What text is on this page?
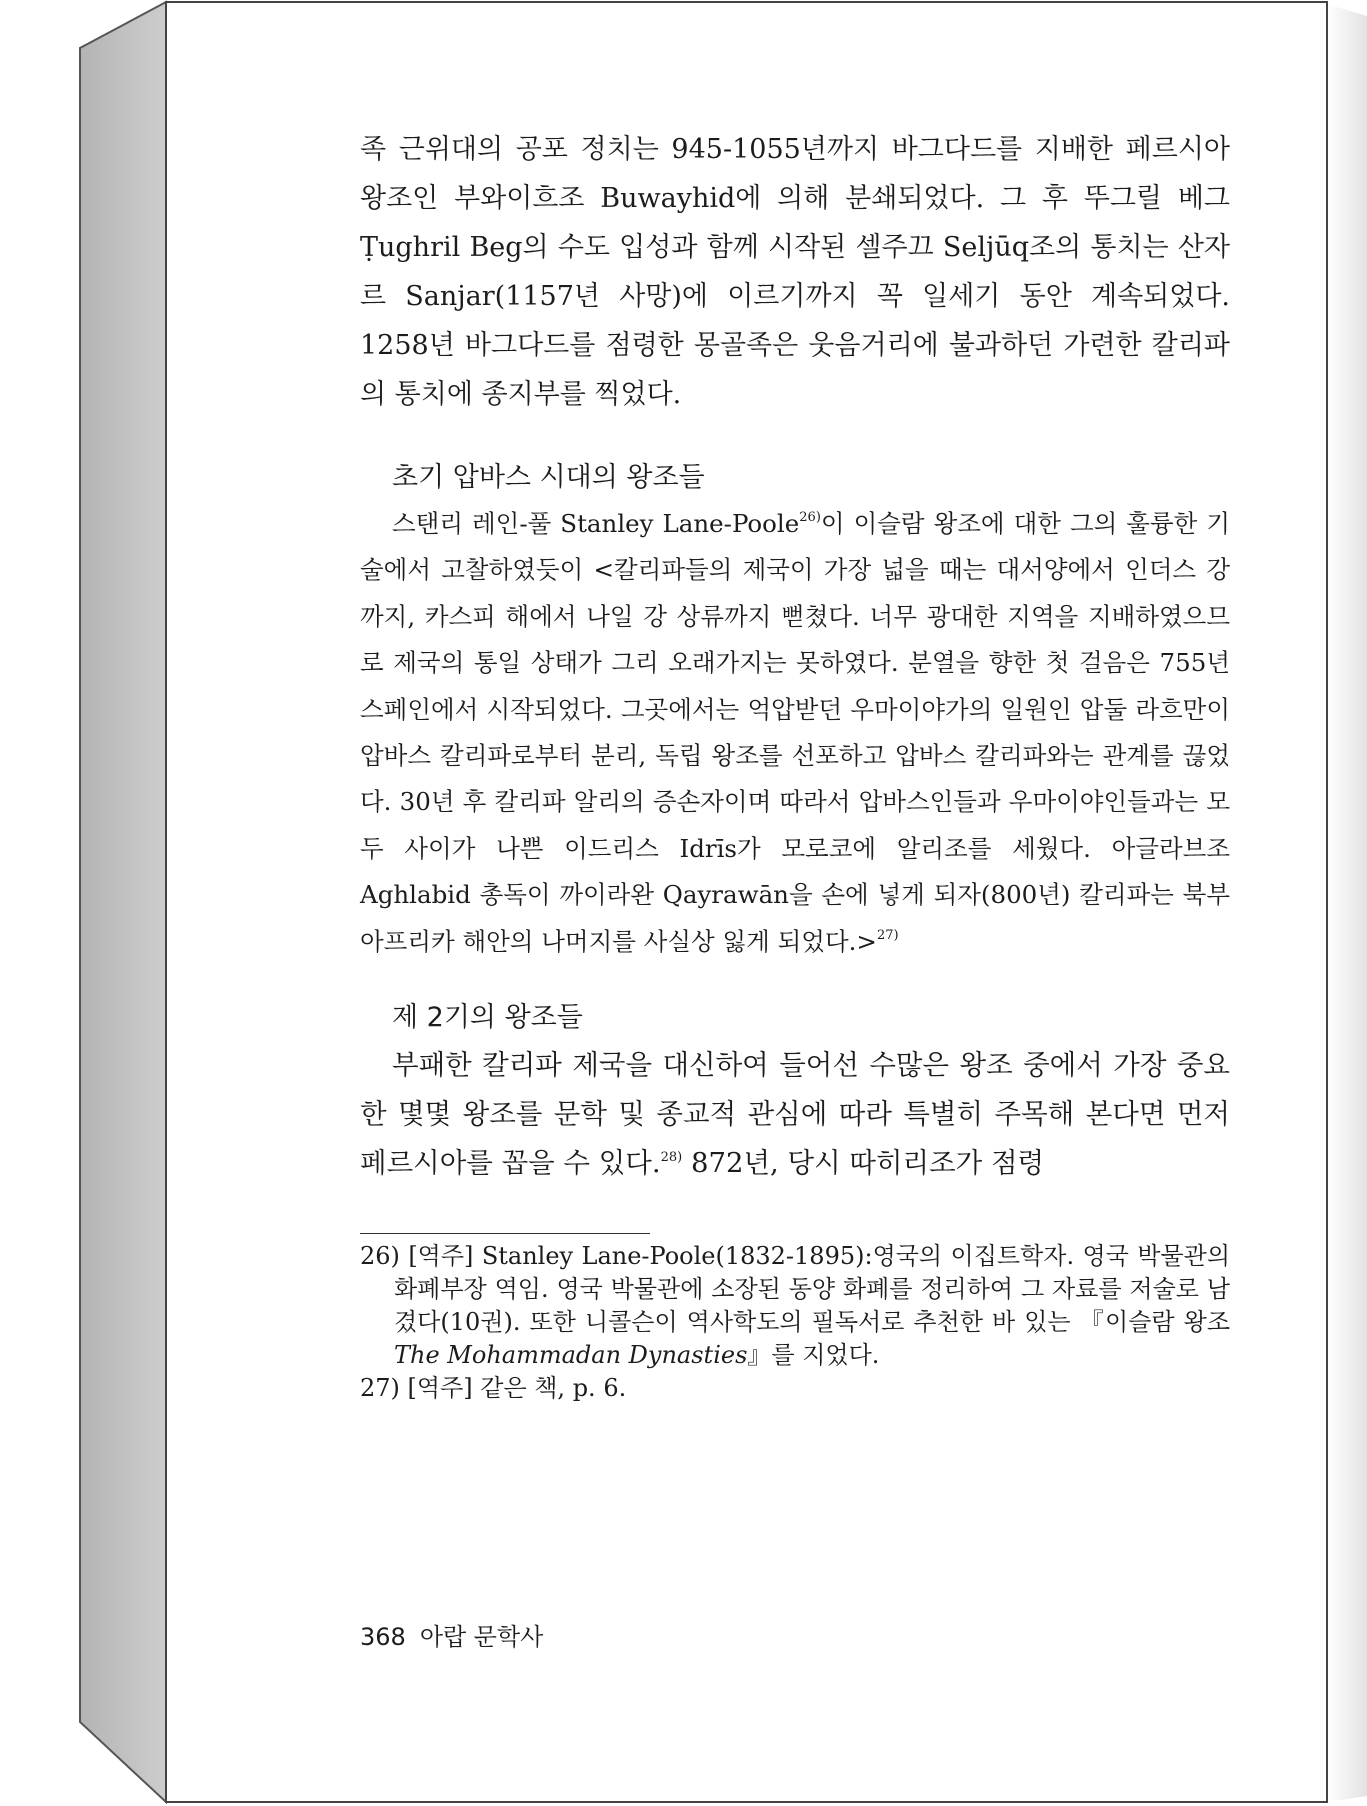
족 근위대의 공포 정치는 945-1055년까지 바그다드를 지배한 페르시아 왕조인 부와이흐조 Buwayhid에 의해 분쇄되었다. 그 후 뚜그릴 베그 Ṭughril Beg의 수도 입성과 함께 시작된 셀주끄 Seljūq조의 통치는 산자르 Sanjar(1157년 사망)에 이르기까지 꼭 일세기 동안 계속되었다. 1258년 바그다드를 점령한 몽골족은 웃음거리에 불과하던 가련한 칼리파의 통치에 종지부를 찍었다.

초기 압바스 시대의 왕조들

스탠리 레인-풀 Stanley Lane-Poole$^{26)}$이 이슬람 왕조에 대한 그의 훌륭한 기술에서 고찰하였듯이 <칼리파들의 제국이 가장 넓을 때는 대서양에서 인더스 강까지, 카스피 해에서 나일 강 상류까지 뻗쳤다. 너무 광대한 지역을 지배하였으므로 제국의 통일 상태가 그리 오래가지는 못하였다. 분열을 향한 첫 걸음은 755년 스페인에서 시작되었다. 그곳에서는 억압받던 우마이야가의 일원인 압둘 라흐만이 압바스 칼리파로부터 분리, 독립 왕조를 선포하고 압바스 칼리파와는 관계를 끊었다. 30년 후 칼리파 알리의 증손자이며 따라서 압바스인들과 우마이야인들과는 모두 사이가 나쁜 이드리스 Idrīs가 모로코에 알리조를 세웠다. 아글라브조 Aghlabid 총독이 까이라완 Qayrawān을 손에 넣게 되자(800년) 칼리파는 북부 아프리카 해안의 나머지를 사실상 잃게 되었다.>$^{27)}$

제 2기의 왕조들

부패한 칼리파 제국을 대신하여 들어선 수많은 왕조 중에서 가장 중요한 몇몇 왕조를 문학 및 종교적 관심에 따라 특별히 주목해 본다면 먼저 페르시아를 꼽을 수 있다.$^{28)}$ 872년, 당시 따히리조가 점령

26) [역주] Stanley Lane-Poole(1832-1895):영국의 이집트학자. 영국 박물관의 화폐부장 역임. 영국 박물관에 소장된 동양 화폐를 정리하여 그 자료를 저술로 남겼다(10권). 또한 니콜슨이 역사학도의 필독서로 추천한 바 있는 『이슬람 왕조The Mohammadan Dynasties』를 지었다.

27) [역주] 같은 책, p. 6.

368 아랍 문학사
